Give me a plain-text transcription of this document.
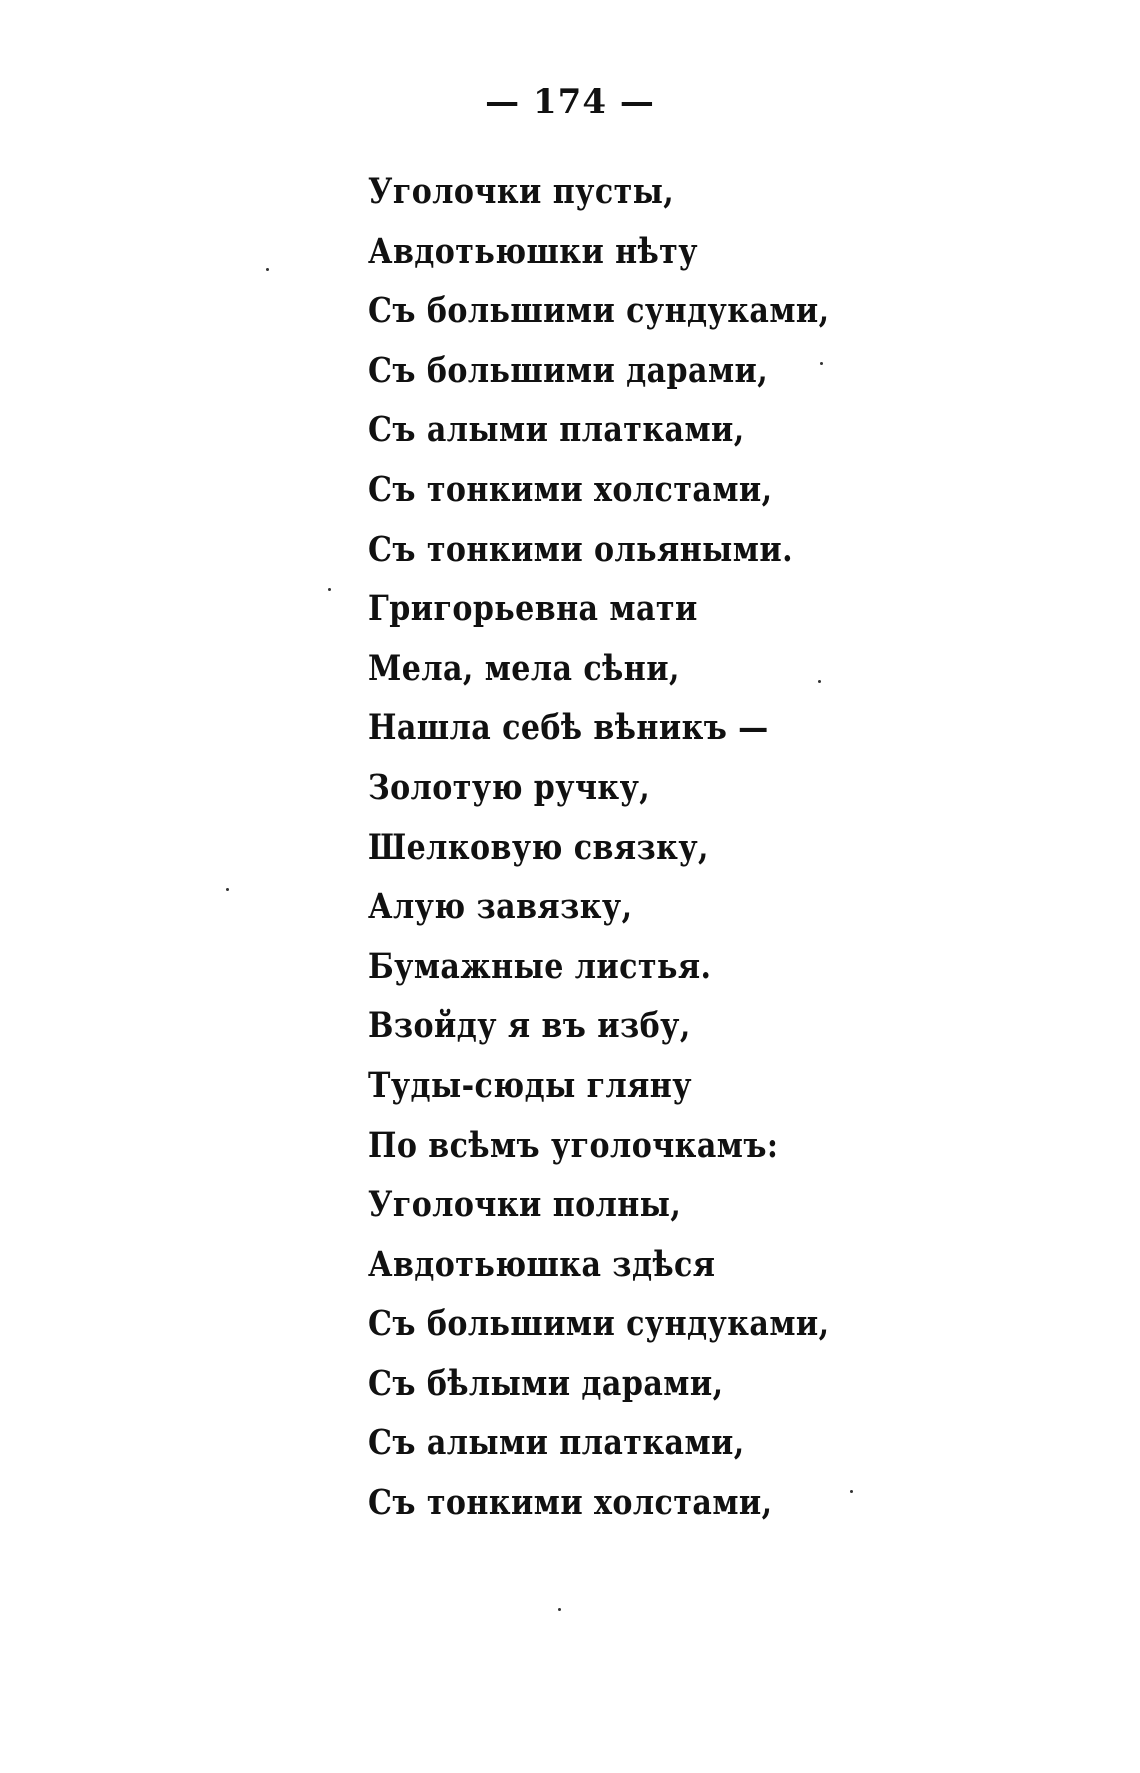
— 174 —
Уголочки пусты,
Авдотьюшки нѣту
Съ большими сундуками,
Съ большими дарами,
Съ алыми платками,
Съ тонкими холстами,
Съ тонкими ольяными.
Григорьевна мати
Мела, мела сѣни,
Нашла себѣ вѣникъ —
Золотую ручку,
Шелковую связку,
Алую завязку,
Бумажные листья.
Взойду я въ избу,
Туды-сюды гляну
По всѣмъ уголочкамъ:
Уголочки полны,
Авдотьюшка здѣся
Съ большими сундуками,
Съ бѣлыми дарами,
Съ алыми платками,
Съ тонкими холстами,
